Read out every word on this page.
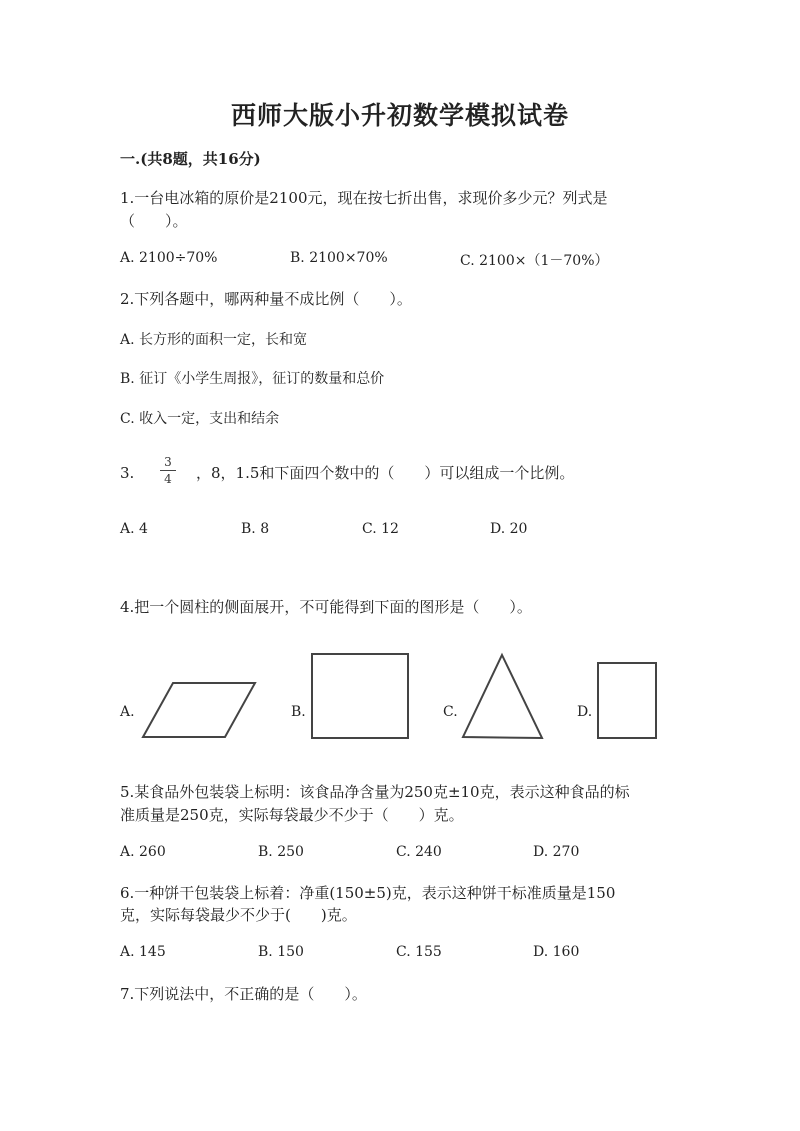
西师大版小升初数学模拟试卷
一.(共8题，共16分)
1.一台电冰箱的原价是2100元，现在按七折出售，求现价多少元？列式是
（　　）。
A. 2100÷70%	B. 2100×70%	C. 2100×（1－70%）
2.下列各题中，哪两种量不成比例（　　）。
A. 长方形的面积一定，长和宽
B. 征订《小学生周报》，征订的数量和总价
C. 收入一定，支出和结余
3.
3
4 ，8，1.5和下面四个数中的（　　）可以组成一个比例。
A. 4	B. 8	C. 12	D. 20
4.把一个圆柱的侧面展开，不可能得到下面的图形是（　　）。
A.	B.	C.	D.
5.某食品外包装袋上标明：该食品净含量为250克±10克，表示这种食品的标
准质量是250克，实际每袋最少不少于（　　）克。
A. 260	B. 250	C. 240	D. 270
6.一种饼干包装袋上标着：净重(150±5)克，表示这种饼干标准质量是150
克，实际每袋最少不少于(　　)克。
A. 145	B. 150	C. 155	D. 160
7.下列说法中，不正确的是（　　）。
